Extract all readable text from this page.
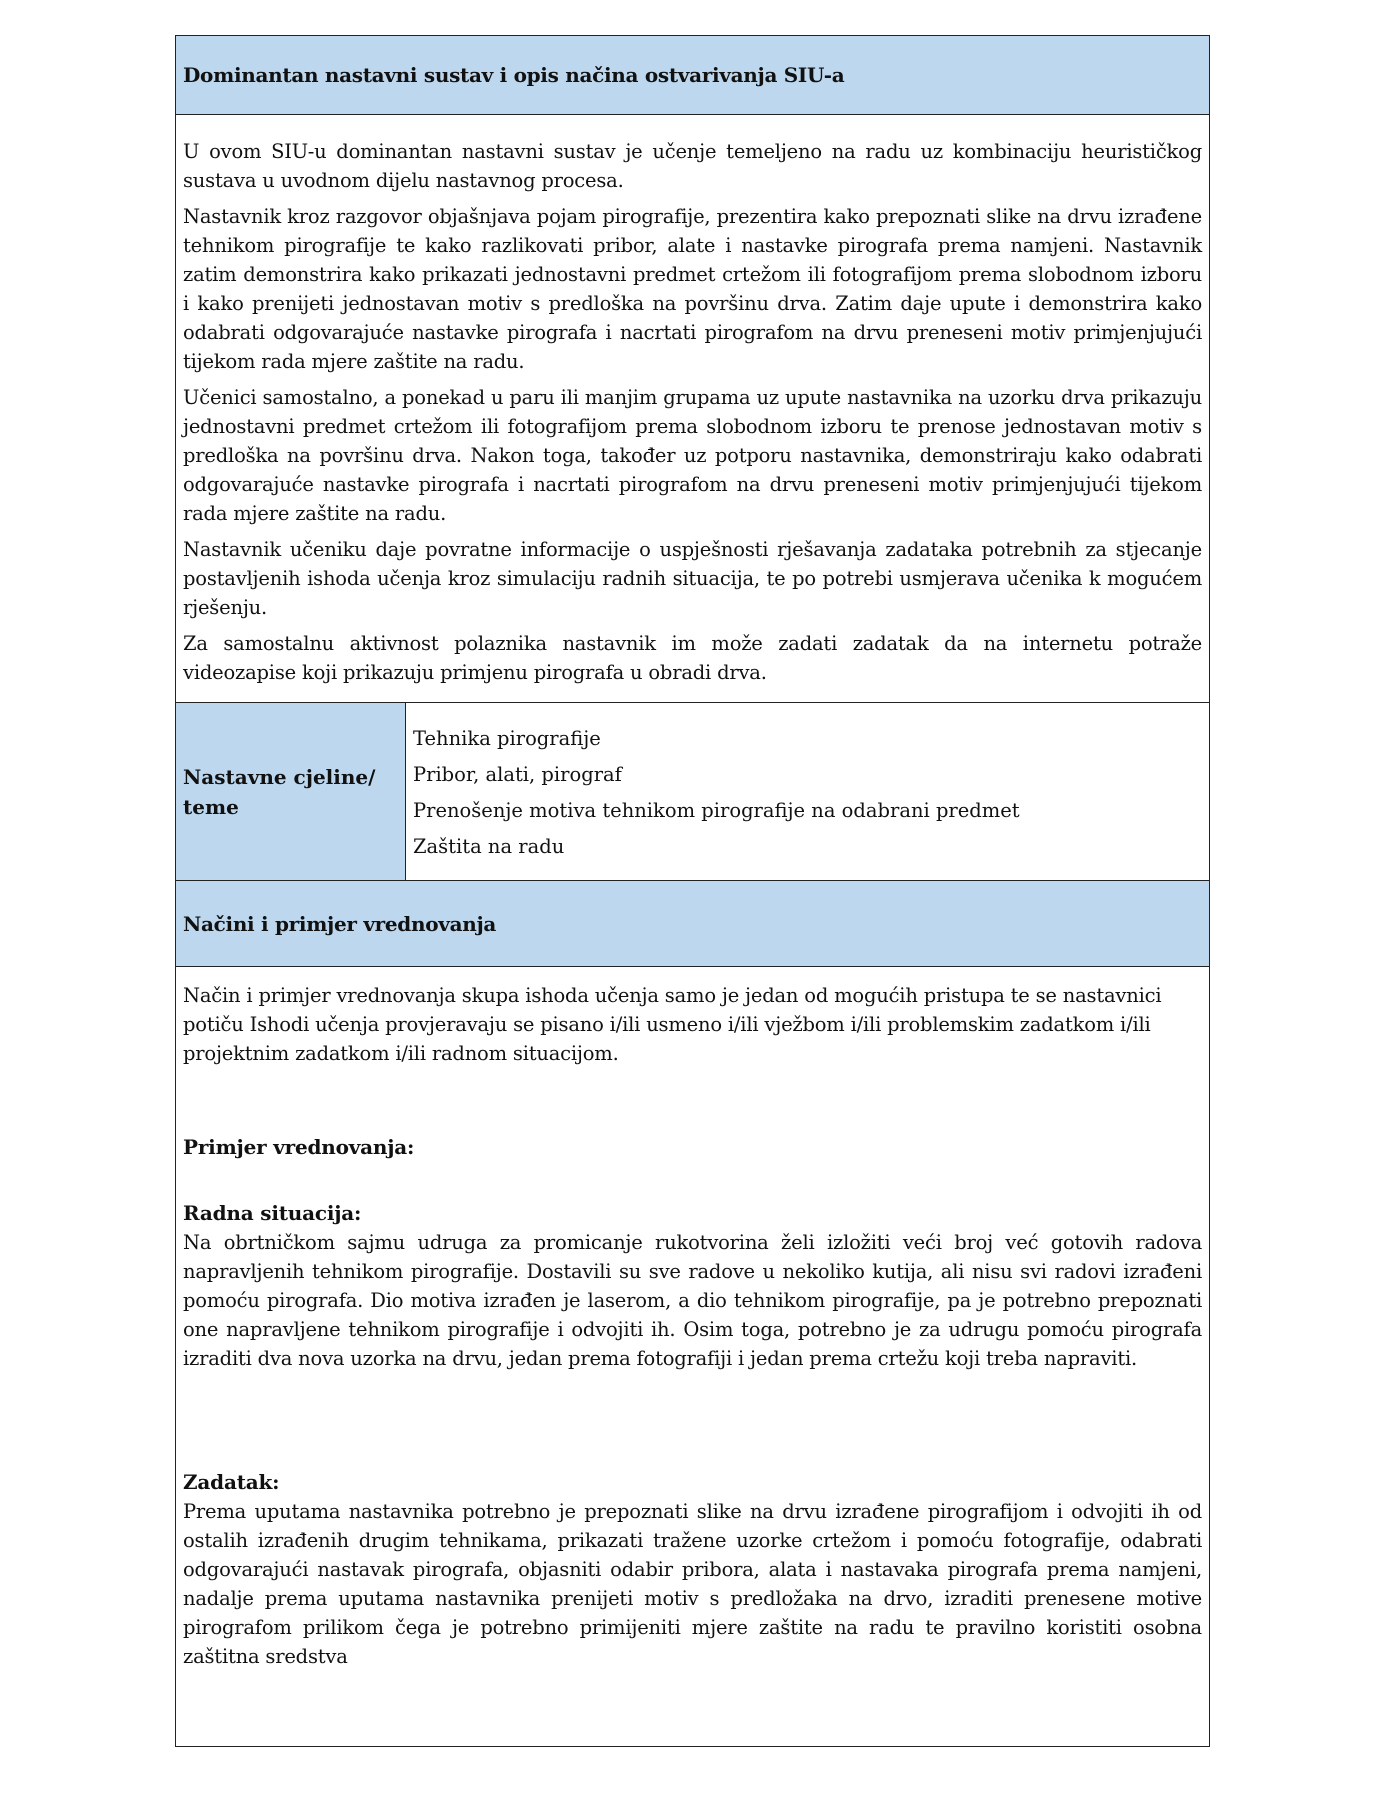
Dominantan nastavni sustav i opis načina ostvarivanja SIU-a

U ovom SIU-u dominantan nastavni sustav je učenje temeljeno na radu uz kombinaciju heurističkog sustava u uvodnom dijelu nastavnog procesa.

Nastavnik kroz razgovor objašnjava pojam pirografije, prezentira kako prepoznati slike na drvu izrađene tehnikom pirografije te kako razlikovati pribor, alate i nastavke pirografa prema namjeni. Nastavnik zatim demonstrira kako prikazati jednostavni predmet crtežom ili fotografijom prema slobodnom izboru i kako prenijeti jednostavan motiv s predloška na površinu drva. Zatim daje upute i demonstrira kako odabrati odgovarajuće nastavke pirografa i nacrtati pirografom na drvu preneseni motiv primjenjujući tijekom rada mjere zaštite na radu.

Učenici samostalno, a ponekad u paru ili manjim grupama uz upute nastavnika na uzorku drva prikazuju jednostavni predmet crtežom ili fotografijom prema slobodnom izboru te prenose jednostavan motiv s predloška na površinu drva. Nakon toga, također uz potporu nastavnika, demonstriraju kako odabrati odgovarajuće nastavke pirografa i nacrtati pirografom na drvu preneseni motiv primjenjujući tijekom rada mjere zaštite na radu.

Nastavnik učeniku daje povratne informacije o uspješnosti rješavanja zadataka potrebnih za stjecanje postavljenih ishoda učenja kroz simulaciju radnih situacija, te po potrebi usmjerava učenika k mogućem rješenju.

Za samostalnu aktivnost polaznika nastavnik im može zadati zadatak da na internetu potraže videozapise koji prikazuju primjenu pirografa u obradi drva.

Nastavne cjeline/ teme
Tehnika pirografije
Pribor, alati, pirograf
Prenošenje motiva tehnikom pirografije na odabrani predmet
Zaštita na radu
Načini i primjer vrednovanja

Način i primjer vrednovanja skupa ishoda učenja samo je jedan od mogućih pristupa te se nastavnici potiču Ishodi učenja provjeravaju se pisano i/ili usmeno i/ili vježbom i/ili problemskim zadatkom i/ili projektnim zadatkom i/ili radnom situacijom.

Primjer vrednovanja:

Radna situacija:

Na obrtničkom sajmu udruga za promicanje rukotvorina želi izložiti veći broj već gotovih radova napravljenih tehnikom pirografije. Dostavili su sve radove u nekoliko kutija, ali nisu svi radovi izrađeni pomoću pirografa. Dio motiva izrađen je laserom, a dio tehnikom pirografije, pa je potrebno prepoznati one napravljene tehnikom pirografije i odvojiti ih. Osim toga, potrebno je za udrugu pomoću pirografa izraditi dva nova uzorka na drvu, jedan prema fotografiji i jedan prema crtežu koji treba napraviti.

Zadatak:

Prema uputama nastavnika potrebno je prepoznati slike na drvu izrađene pirografijom i odvojiti ih od ostalih izrađenih drugim tehnikama, prikazati tražene uzorke crtežom i pomoću fotografije, odabrati odgovarajući nastavak pirografa, objasniti odabir pribora, alata i nastavaka pirografa prema namjeni, nadalje prema uputama nastavnika prenijeti motiv s predložaka na drvo, izraditi prenesene motive pirografom prilikom čega je potrebno primijeniti mjere zaštite na radu te pravilno koristiti osobna zaštitna sredstva
